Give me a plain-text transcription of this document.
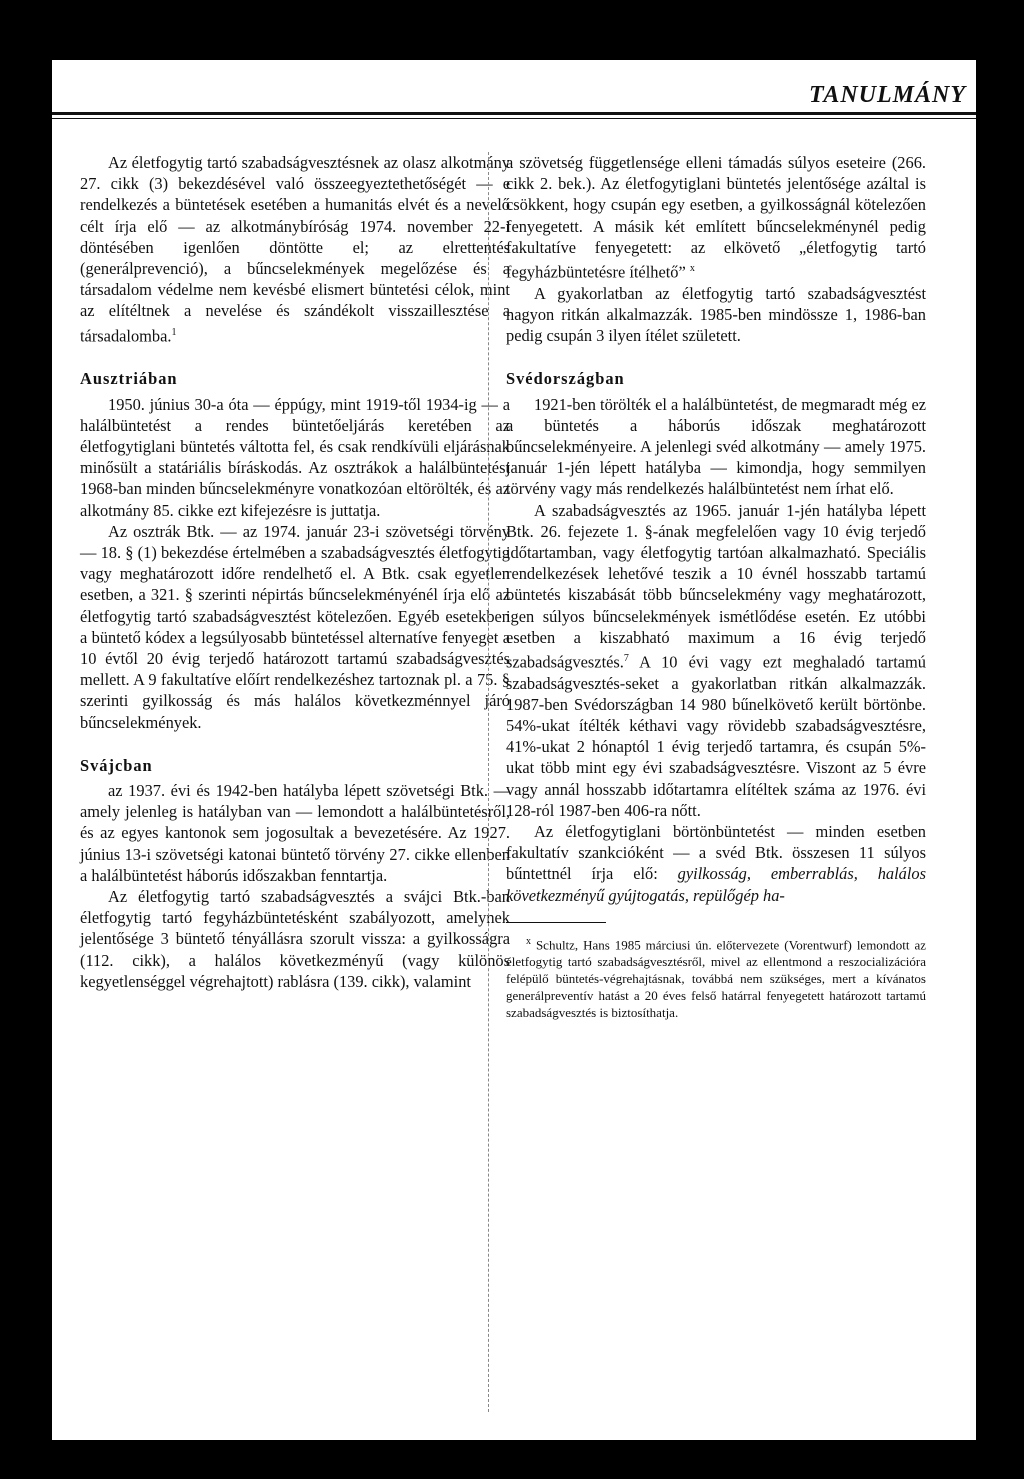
TANULMÁNY

Az életfogytig tartó szabadságvesztésnek az olasz alkotmány 27. cikk (3) bekezdésével való összeegyeztethetőségét — e rendelkezés a büntetések esetében a humanitás elvét és a nevelő célt írja elő — az alkotmánybíróság 1974. november 22-i döntésében igenlően döntötte el; az elrettentés (generálprevenció), a bűncselekmények megelőzése és a társadalom védelme nem kevésbé elismert büntetési célok, mint az elítéltnek a nevelése és szándékolt visszaillesztése a társadalomba.$^1$

Ausztriában

1950. június 30-a óta — éppúgy, mint 1919-től 1934-ig — a halálbüntetést a rendes büntetőeljárás keretében az életfogytiglani büntetés váltotta fel, és csak rendkívüli eljárásnak minősült a statáriális bíráskodás. Az osztrákok a halálbüntetést 1968-ban minden bűncselekményre vonatkozóan eltörölték, és az alkotmány 85. cikke ezt kifejezésre is juttatja.

Az osztrák Btk. — az 1974. január 23-i szövetségi törvény — 18. § (1) bekezdése értelmében a szabadságvesztés életfogytig vagy meghatározott időre rendelhető el. A Btk. csak egyetlen esetben, a 321. § szerinti népirtás bűncselekményénél írja elő az életfogytig tartó szabadságvesztést kötelezően. Egyéb esetekben a büntető kódex a legsúlyosabb büntetéssel alternatíve fenyeget a 10 évtől 20 évig terjedő határozott tartamú szabadságvesztés mellett. A 9 fakultatíve előírt rendelkezéshez tartoznak pl. a 75. § szerinti gyilkosság és más halálos következménnyel járó bűncselekmények.

Svájcban

az 1937. évi és 1942-ben hatályba lépett szövetségi Btk. — amely jelenleg is hatályban van — lemondott a halálbüntetésről, és az egyes kantonok sem jogosultak a bevezetésére. Az 1927. június 13-i szövetségi katonai büntető törvény 27. cikke ellenben a halálbüntetést háborús időszakban fenntartja.

Az életfogytig tartó szabadságvesztés a svájci Btk.-ban életfogytig tartó fegyházbüntetésként szabályozott, amelynek jelentősége 3 büntető tényállásra szorult vissza: a gyilkosságra (112. cikk), a halálos következményű (vagy különös kegyetlenséggel végrehajtott) rablásra (139. cikk), valamint

a szövetség függetlensége elleni támadás súlyos eseteire (266. cikk 2. bek.). Az életfogytiglani büntetés jelentősége azáltal is csökkent, hogy csupán egy esetben, a gyilkosságnál kötelezően fenyegetett. A másik két említett bűncselekménynél pedig fakultatíve fenyegetett: az elkövető „életfogytig tartó fegyházbüntetésre ítélhető” $^x$

A gyakorlatban az életfogytig tartó szabadságvesztést nagyon ritkán alkalmazzák. 1985-ben mindössze 1, 1986-ban pedig csupán 3 ilyen ítélet született.

Svédországban

1921-ben törölték el a halálbüntetést, de megmaradt még ez a büntetés a háborús időszak meghatározott bűncselekményeire. A jelenlegi svéd alkotmány — amely 1975. január 1-jén lépett hatályba — kimondja, hogy semmilyen törvény vagy más rendelkezés halálbüntetést nem írhat elő.

A szabadságvesztés az 1965. január 1-jén hatályba lépett Btk. 26. fejezete 1. §-ának megfelelően vagy 10 évig terjedő időtartamban, vagy életfogytig tartóan alkalmazható. Speciális rendelkezések lehetővé teszik a 10 évnél hosszabb tartamú büntetés kiszabását több bűncselekmény vagy meghatározott, igen súlyos bűncselekmények ismétlődése esetén. Ez utóbbi esetben a kiszabható maximum a 16 évig terjedő szabadságvesztés.$^7$ A 10 évi vagy ezt meghaladó tartamú szabadságvesztés-seket a gyakorlatban ritkán alkalmazzák. 1987-ben Svédországban 14 980 bűnelkövető került börtönbe. 54%-ukat ítélték kéthavi vagy rövidebb szabadságvesztésre, 41%-ukat 2 hónaptól 1 évig terjedő tartamra, és csupán 5%-ukat több mint egy évi szabadságvesztésre. Viszont az 5 évre vagy annál hosszabb időtartamra elítéltek száma az 1976. évi 128-ról 1987-ben 406-ra nőtt.

Az életfogytiglani börtönbüntetést — minden esetben fakultatív szankcióként — a svéd Btk. összesen 11 súlyos bűntettnél írja elő: gyilkosság, emberrablás, halálos következményű gyújtogatás, repülőgép ha-

$^x$ Schultz, Hans 1985 márciusi ún. előtervezete (Vorentwurf) lemondott az életfogytig tartó szabadságvesztésről, mivel az ellentmond a reszocializációra felépülő büntetés-végrehajtásnak, továbbá nem szükséges, mert a kívánatos generálpreventív hatást a 20 éves felső határral fenyegetett határozott tartamú szabadságvesztés is biztosíthatja.
